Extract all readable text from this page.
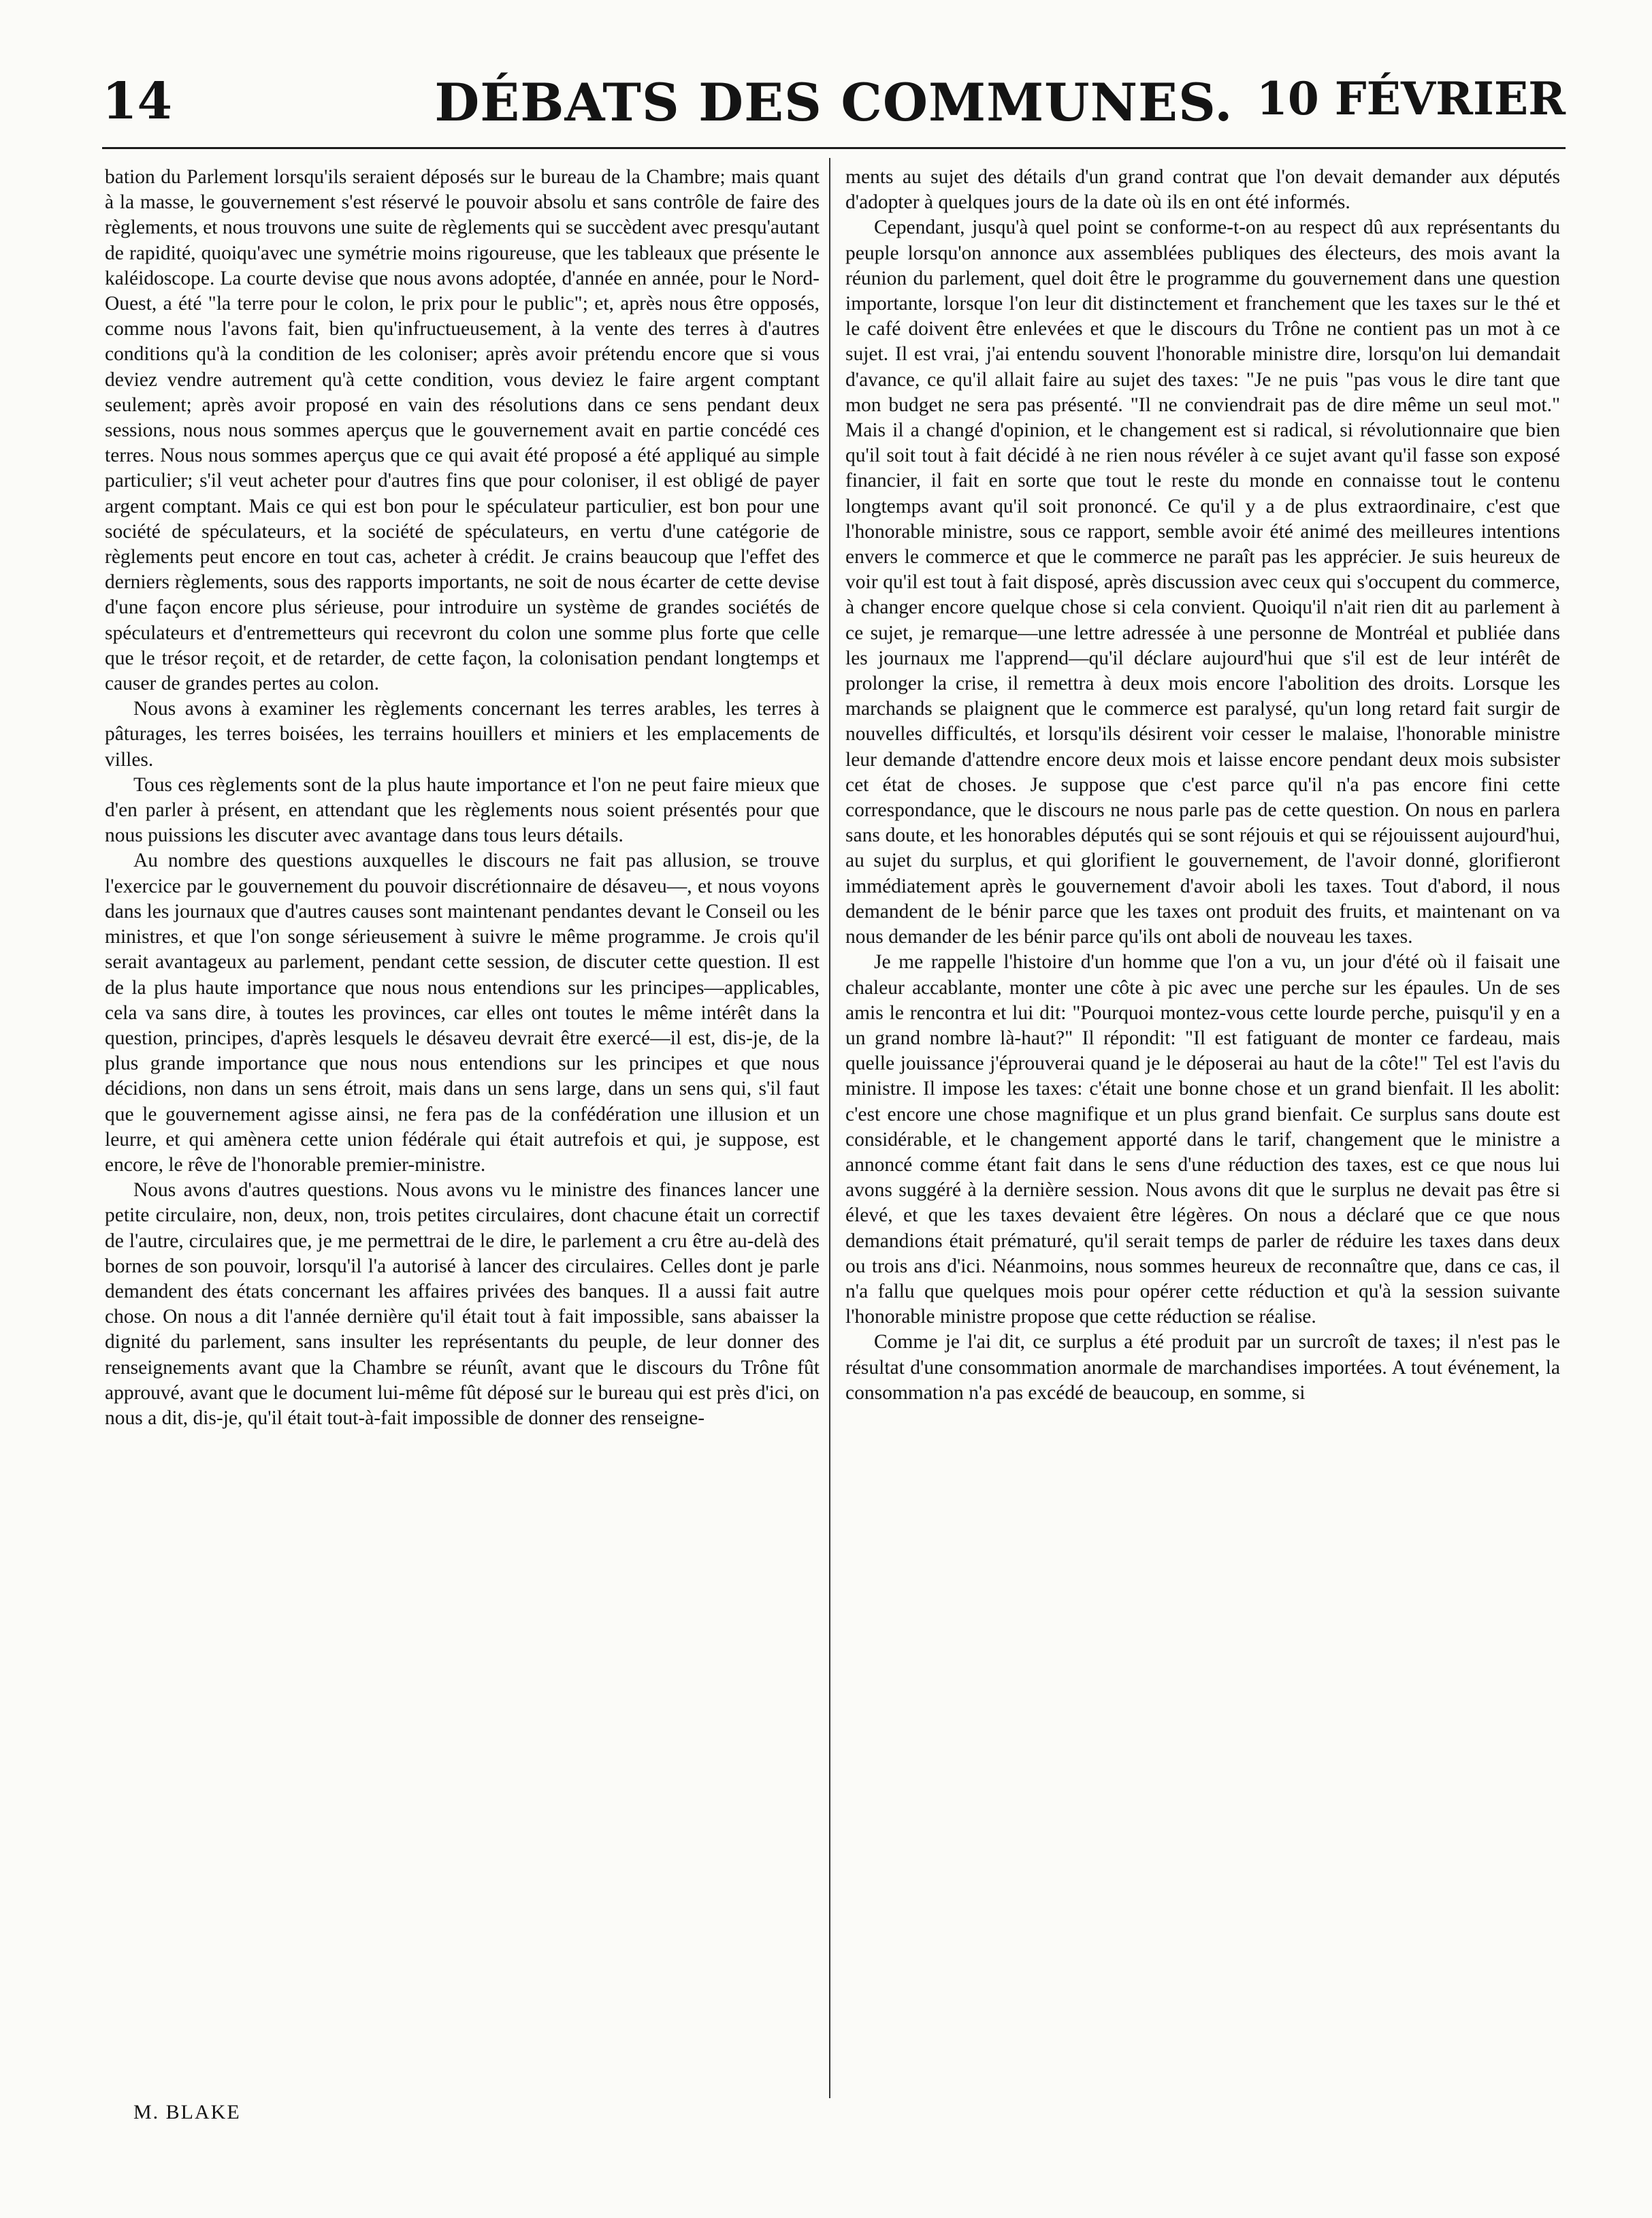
14	DÉBATS DES COMMUNES. 10 FÉVRIER

bation du Parlement lorsqu'ils seraient déposés sur le bureau de la Chambre; mais quant à la masse, le gouvernement s'est réservé le pouvoir absolu et sans contrôle de faire des règlements, et nous trouvons une suite de règlements qui se succèdent avec presqu'autant de rapidité, quoiqu'avec une symétrie moins rigoureuse, que les tableaux que présente le kaléidoscope. La courte devise que nous avons adoptée, d'année en année, pour le Nord-Ouest, a été "la terre pour le colon, le prix pour le public"; et, après nous être opposés, comme nous l'avons fait, bien qu'infructueusement, à la vente des terres à d'autres conditions qu'à la condition de les coloniser; après avoir prétendu encore que si vous deviez vendre autrement qu'à cette condition, vous deviez le faire argent comptant seulement; après avoir proposé en vain des résolutions dans ce sens pendant deux sessions, nous nous sommes aperçus que le gouvernement avait en partie concédé ces terres. Nous nous sommes aperçus que ce qui avait été proposé a été appliqué au simple particulier; s'il veut acheter pour d'autres fins que pour coloniser, il est obligé de payer argent comptant. Mais ce qui est bon pour le spéculateur particulier, est bon pour une société de spéculateurs, et la société de spéculateurs, en vertu d'une catégorie de règlements peut encore en tout cas, acheter à crédit. Je crains beaucoup que l'effet des derniers règlements, sous des rapports importants, ne soit de nous écarter de cette devise d'une façon encore plus sérieuse, pour introduire un système de grandes sociétés de spéculateurs et d'entremetteurs qui recevront du colon une somme plus forte que celle que le trésor reçoit, et de retarder, de cette façon, la colonisation pendant longtemps et causer de grandes pertes au colon.

Nous avons à examiner les règlements concernant les terres arables, les terres à pâturages, les terres boisées, les terrains houillers et miniers et les emplacements de villes.

Tous ces règlements sont de la plus haute importance et l'on ne peut faire mieux que d'en parler à présent, en attendant que les règlements nous soient présentés pour que nous puissions les discuter avec avantage dans tous leurs détails.

Au nombre des questions auxquelles le discours ne fait pas allusion, se trouve l'exercice par le gouvernement du pouvoir discrétionnaire de désaveu—, et nous voyons dans les journaux que d'autres causes sont maintenant pendantes devant le Conseil ou les ministres, et que l'on songe sérieusement à suivre le même programme. Je crois qu'il serait avantageux au parlement, pendant cette session, de discuter cette question. Il est de la plus haute importance que nous nous entendions sur les principes—applicables, cela va sans dire, à toutes les provinces, car elles ont toutes le même intérêt dans la question, principes, d'après lesquels le désaveu devrait être exercé—il est, dis-je, de la plus grande importance que nous nous entendions sur les principes et que nous décidions, non dans un sens étroit, mais dans un sens large, dans un sens qui, s'il faut que le gouvernement agisse ainsi, ne fera pas de la confédération une illusion et un leurre, et qui amènera cette union fédérale qui était autrefois et qui, je suppose, est encore, le rêve de l'honorable premier-ministre.

Nous avons d'autres questions. Nous avons vu le ministre des finances lancer une petite circulaire, non, deux, non, trois petites circulaires, dont chacune était un correctif de l'autre, circulaires que, je me permettrai de le dire, le parlement a cru être au-delà des bornes de son pouvoir, lorsqu'il l'a autorisé à lancer des circulaires. Celles dont je parle demandent des états concernant les affaires privées des banques. Il a aussi fait autre chose. On nous a dit l'année dernière qu'il était tout à fait impossible, sans abaisser la dignité du parlement, sans insulter les représentants du peuple, de leur donner des renseignements avant que la Chambre se réunît, avant que le discours du Trône fût approuvé, avant que le document lui-même fût déposé sur le bureau qui est près d'ici, on nous a dit, dis-je, qu'il était tout-à-fait impossible de donner des renseigne-

ments au sujet des détails d'un grand contrat que l'on devait demander aux députés d'adopter à quelques jours de la date où ils en ont été informés.

Cependant, jusqu'à quel point se conforme-t-on au respect dû aux représentants du peuple lorsqu'on annonce aux assemblées publiques des électeurs, des mois avant la réunion du parlement, quel doit être le programme du gouvernement dans une question importante, lorsque l'on leur dit distinctement et franchement que les taxes sur le thé et le café doivent être enlevées et que le discours du Trône ne contient pas un mot à ce sujet. Il est vrai, j'ai entendu souvent l'honorable ministre dire, lorsqu'on lui demandait d'avance, ce qu'il allait faire au sujet des taxes: "Je ne puis "pas vous le dire tant que mon budget ne sera pas présenté. "Il ne conviendrait pas de dire même un seul mot." Mais il a changé d'opinion, et le changement est si radical, si révolutionnaire que bien qu'il soit tout à fait décidé à ne rien nous révéler à ce sujet avant qu'il fasse son exposé financier, il fait en sorte que tout le reste du monde en connaisse tout le contenu longtemps avant qu'il soit prononcé. Ce qu'il y a de plus extraordinaire, c'est que l'honorable ministre, sous ce rapport, semble avoir été animé des meilleures intentions envers le commerce et que le commerce ne paraît pas les apprécier. Je suis heureux de voir qu'il est tout à fait disposé, après discussion avec ceux qui s'occupent du commerce, à changer encore quelque chose si cela convient. Quoiqu'il n'ait rien dit au parlement à ce sujet, je remarque—une lettre adressée à une personne de Montréal et publiée dans les journaux me l'apprend—qu'il déclare aujourd'hui que s'il est de leur intérêt de prolonger la crise, il remettra à deux mois encore l'abolition des droits. Lorsque les marchands se plaignent que le commerce est paralysé, qu'un long retard fait surgir de nouvelles difficultés, et lorsqu'ils désirent voir cesser le malaise, l'honorable ministre leur demande d'attendre encore deux mois et laisse encore pendant deux mois subsister cet état de choses. Je suppose que c'est parce qu'il n'a pas encore fini cette correspondance, que le discours ne nous parle pas de cette question. On nous en parlera sans doute, et les honorables députés qui se sont réjouis et qui se réjouissent aujourd'hui, au sujet du surplus, et qui glorifient le gouvernement, de l'avoir donné, glorifieront immédiatement après le gouvernement d'avoir aboli les taxes. Tout d'abord, il nous demandent de le bénir parce que les taxes ont produit des fruits, et maintenant on va nous demander de les bénir parce qu'ils ont aboli de nouveau les taxes.

Je me rappelle l'histoire d'un homme que l'on a vu, un jour d'été où il faisait une chaleur accablante, monter une côte à pic avec une perche sur les épaules. Un de ses amis le rencontra et lui dit: "Pourquoi montez-vous cette lourde perche, puisqu'il y en a un grand nombre là-haut?" Il répondit: "Il est fatiguant de monter ce fardeau, mais quelle jouissance j'éprouverai quand je le déposerai au haut de la côte!" Tel est l'avis du ministre. Il impose les taxes: c'était une bonne chose et un grand bienfait. Il les abolit: c'est encore une chose magnifique et un plus grand bienfait. Ce surplus sans doute est considérable, et le changement apporté dans le tarif, changement que le ministre a annoncé comme étant fait dans le sens d'une réduction des taxes, est ce que nous lui avons suggéré à la dernière session. Nous avons dit que le surplus ne devait pas être si élevé, et que les taxes devaient être légères. On nous a déclaré que ce que nous demandions était prématuré, qu'il serait temps de parler de réduire les taxes dans deux ou trois ans d'ici. Néanmoins, nous sommes heureux de reconnaître que, dans ce cas, il n'a fallu que quelques mois pour opérer cette réduction et qu'à la session suivante l'honorable ministre propose que cette réduction se réalise.

Comme je l'ai dit, ce surplus a été produit par un surcroît de taxes; il n'est pas le résultat d'une consommation anormale de marchandises importées. A tout événement, la consommation n'a pas excédé de beaucoup, en somme, si

M. BLAKE
